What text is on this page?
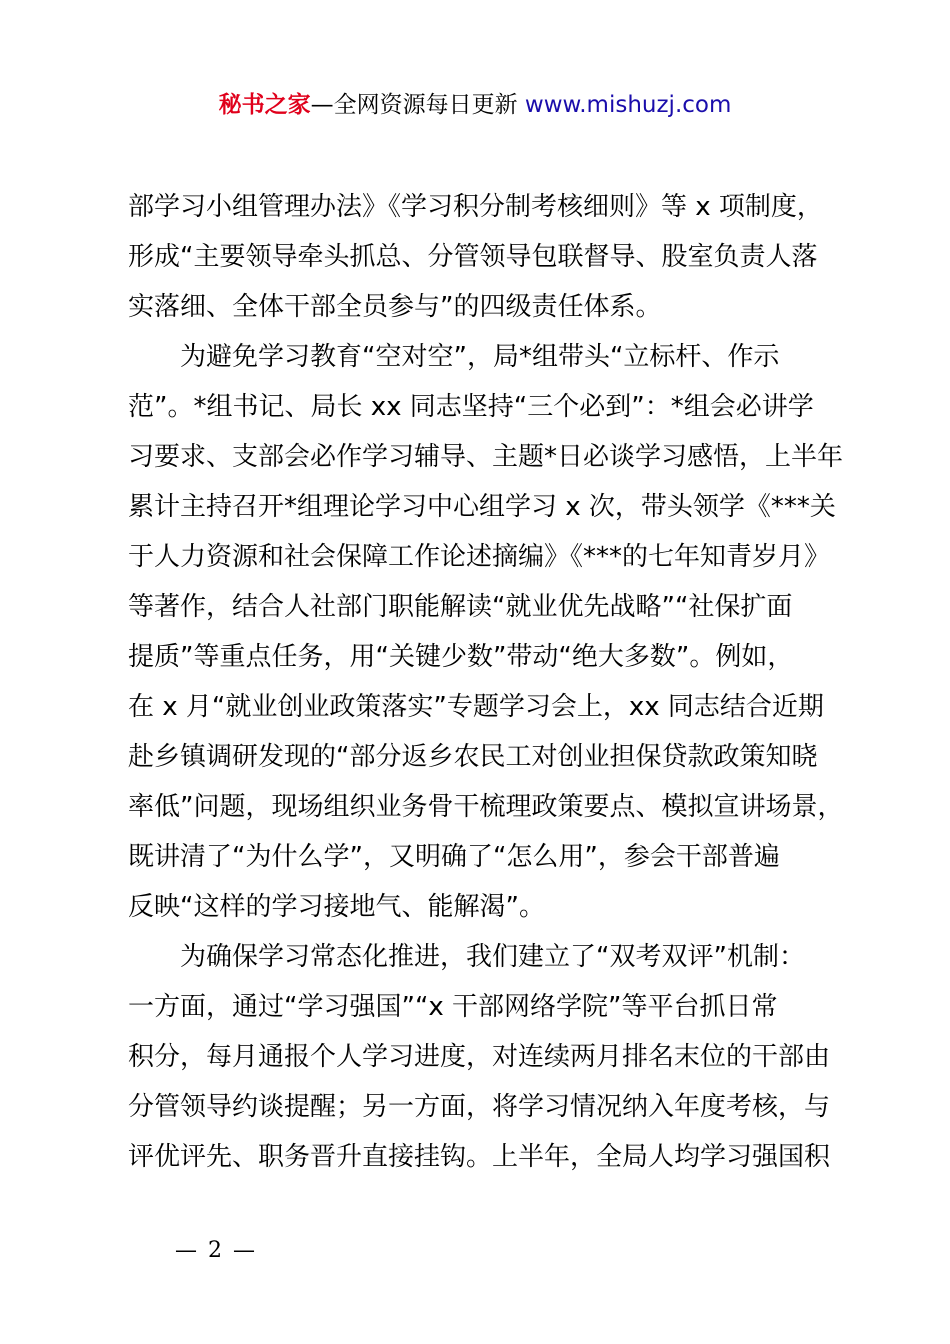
秘书之家—全网资源每日更新 www.mishuzj.com
部学习小组管理办法》《学习积分制考核细则》等 x 项制度，
形成“主要领导牵头抓总、分管领导包联督导、股室负责人落
实落细、全体干部全员参与”的四级责任体系。
为避免学习教育“空对空”，局*组带头“立标杆、作示
范”。*组书记、局长 xx 同志坚持“三个必到”：*组会必讲学
习要求、支部会必作学习辅导、主题*日必谈学习感悟，上半年
累计主持召开*组理论学习中心组学习 x 次，带头领学《***关
于人力资源和社会保障工作论述摘编》《***的七年知青岁月》
等著作，结合人社部门职能解读“就业优先战略”“社保扩面
提质”等重点任务，用“关键少数”带动“绝大多数”。例如，
在 x 月“就业创业政策落实”专题学习会上，xx 同志结合近期
赴乡镇调研发现的“部分返乡农民工对创业担保贷款政策知晓
率低”问题，现场组织业务骨干梳理政策要点、模拟宣讲场景，
既讲清了“为什么学”，又明确了“怎么用”，参会干部普遍
反映“这样的学习接地气、能解渴”。
为确保学习常态化推进，我们建立了“双考双评”机制：
一方面，通过“学习强国”“x 干部网络学院”等平台抓日常
积分，每月通报个人学习进度，对连续两月排名末位的干部由
分管领导约谈提醒；另一方面，将学习情况纳入年度考核，与
评优评先、职务晋升直接挂钩。上半年，全局人均学习强国积
— 2 —
